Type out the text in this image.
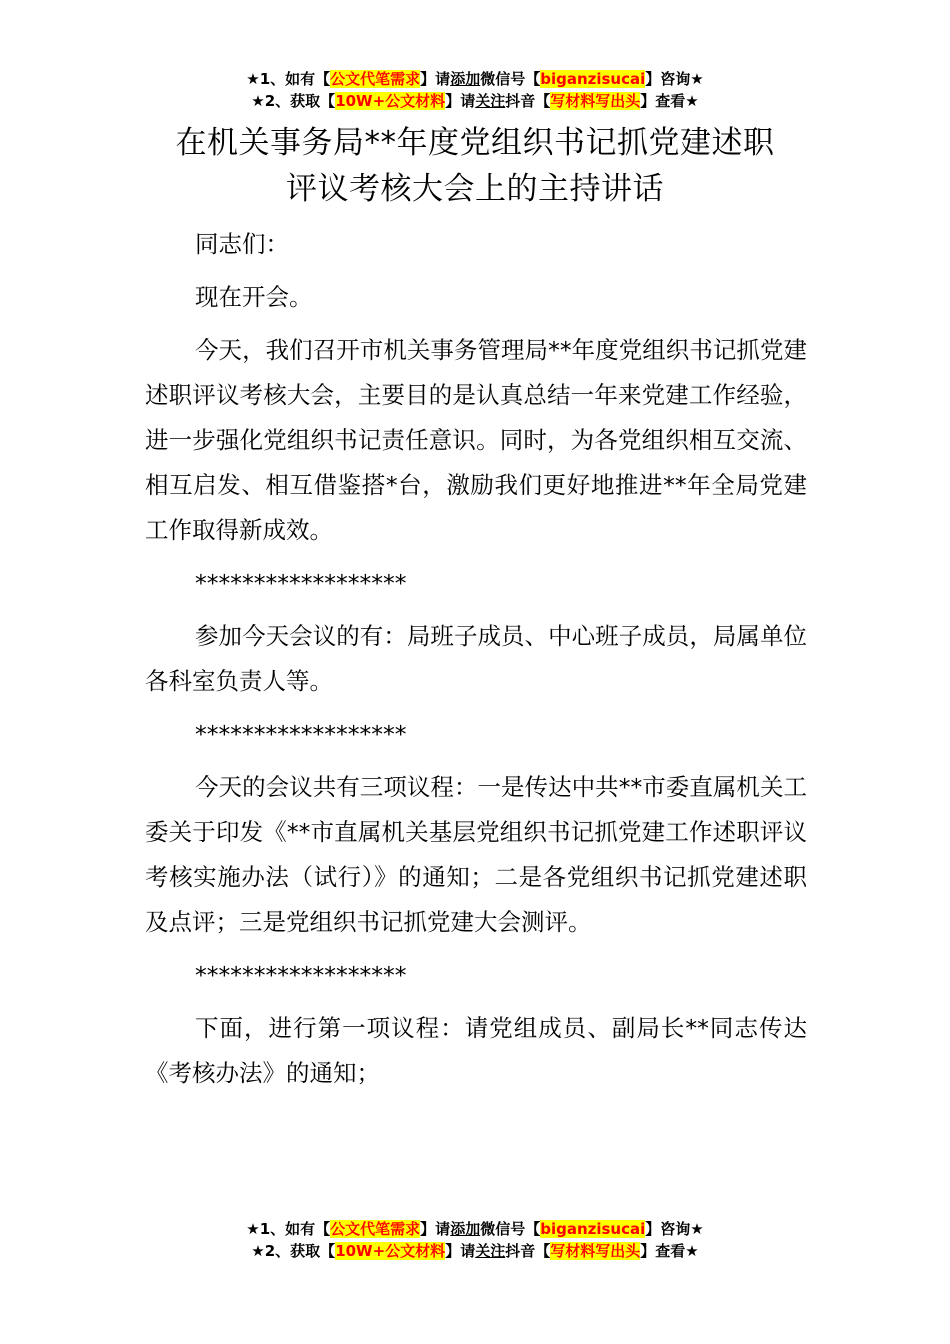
★1、如有【公文代笔需求】请添加微信号【biganzisucai】咨询★
★2、获取【10W+公文材料】请关注抖音【写材料写出头】查看★
在机关事务局**年度党组织书记抓党建述职
评议考核大会上的主持讲话

同志们：

现在开会。

今天，我们召开市机关事务管理局**年度党组织书记抓党建述职评议考核大会，主要目的是认真总结一年来党建工作经验，进一步强化党组织书记责任意识。同时，为各党组织相互交流、相互启发、相互借鉴搭*台，激励我们更好地推进**年全局党建工作取得新成效。

******************

参加今天会议的有：局班子成员、中心班子成员，局属单位各科室负责人等。

******************

今天的会议共有三项议程：一是传达中共**市委直属机关工委关于印发《**市直属机关基层党组织书记抓党建工作述职评议考核实施办法（试行）》的通知；二是各党组织书记抓党建述职及点评；三是党组织书记抓党建大会测评。

******************

下面，进行第一项议程：请党组成员、副局长**同志传达《考核办法》的通知；

★1、如有【公文代笔需求】请添加微信号【biganzisucai】咨询★
★2、获取【10W+公文材料】请关注抖音【写材料写出头】查看★
